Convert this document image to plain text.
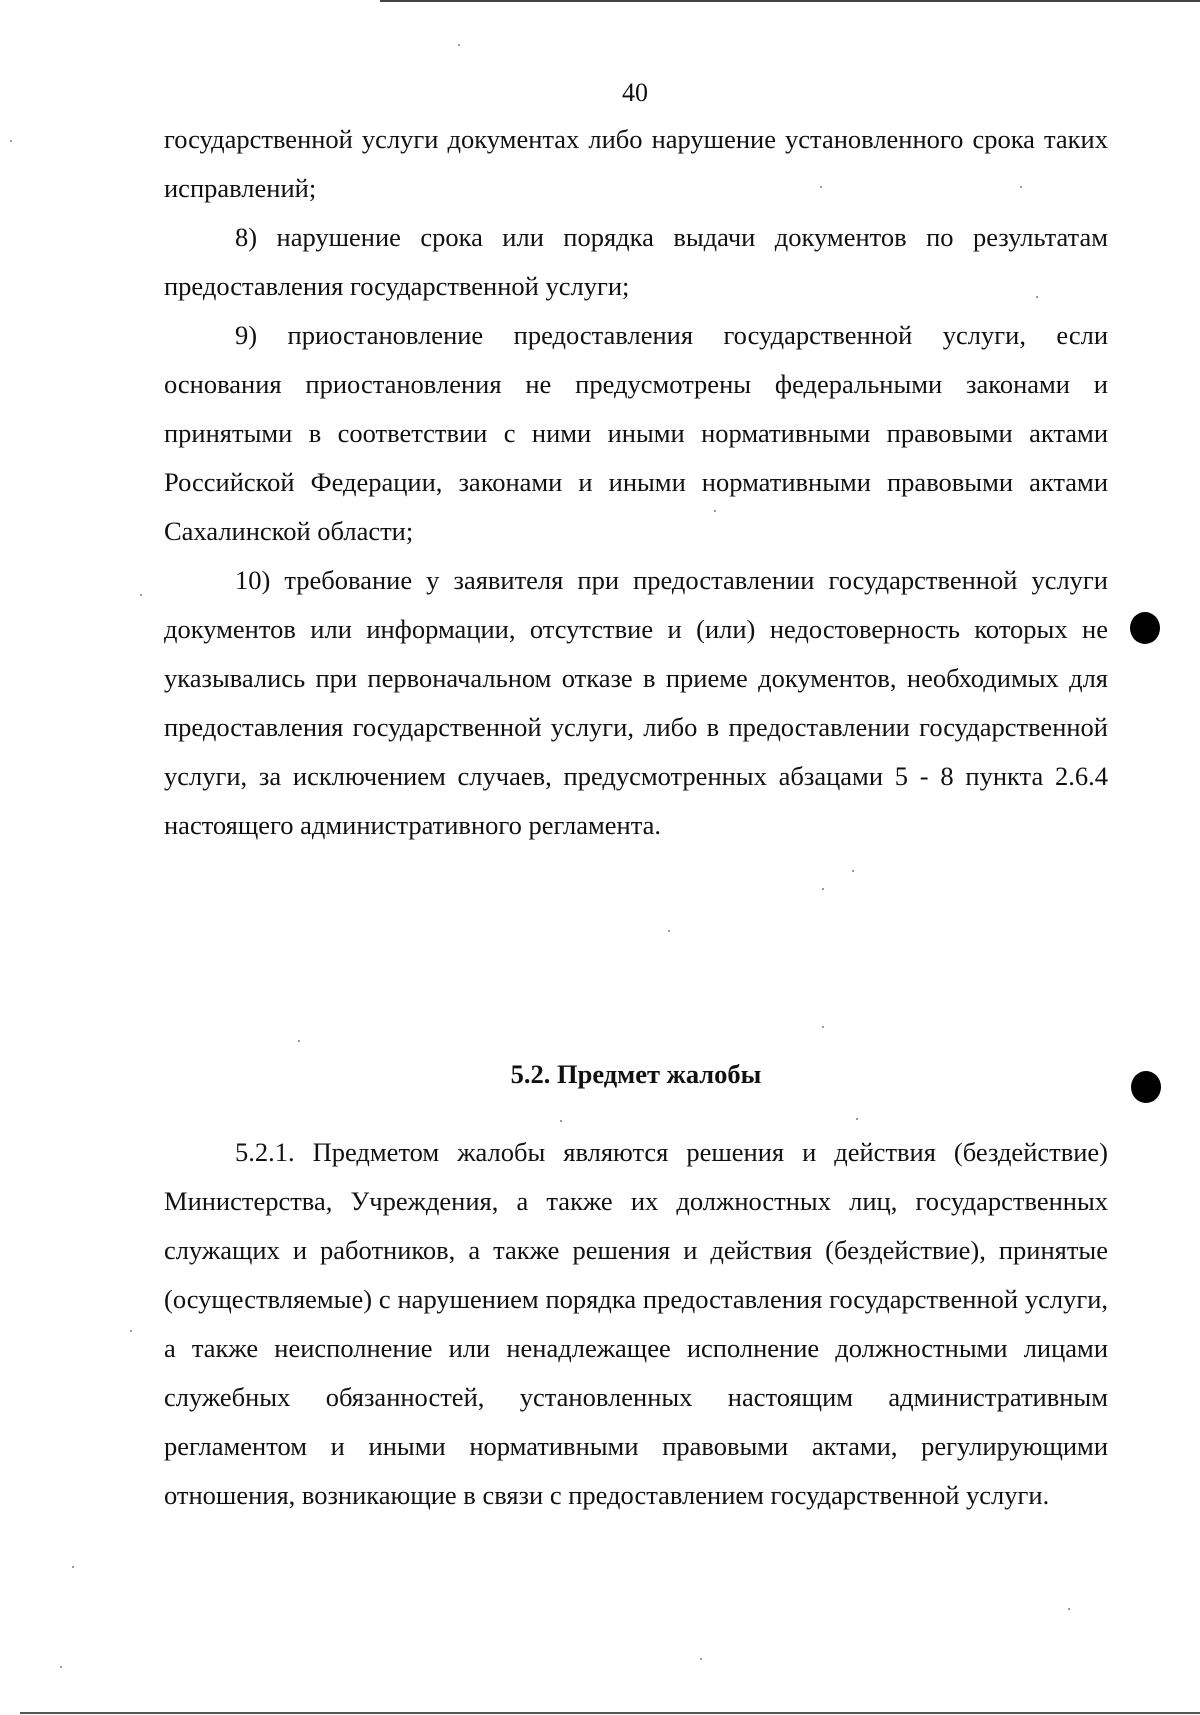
40

государственной услуги документах либо нарушение установленного срока таких исправлений;

8) нарушение срока или порядка выдачи документов по результатам предоставления государственной услуги;

9) приостановление предоставления государственной услуги, если основания приостановления не предусмотрены федеральными законами и принятыми в соответствии с ними иными нормативными правовыми актами Российской Федерации, законами и иными нормативными правовыми актами Сахалинской области;

10) требование у заявителя при предоставлении государственной услуги документов или информации, отсутствие и (или) недостоверность которых не указывались при первоначальном отказе в приеме документов, необходимых для предоставления государственной услуги, либо в предоставлении государственной услуги, за исключением случаев, предусмотренных абзацами 5 - 8 пункта 2.6.4 настоящего административного регламента.

5.2. Предмет жалобы

5.2.1. Предметом жалобы являются решения и действия (бездействие) Министерства, Учреждения, а также их должностных лиц, государственных служащих и работников, а также решения и действия (бездействие), принятые (осуществляемые) с нарушением порядка предоставления государственной услуги, а также неисполнение или ненадлежащее исполнение должностными лицами служебных обязанностей, установленных настоящим административным регламентом и иными нормативными правовыми актами, регулирующими отношения, возникающие в связи с предоставлением государственной услуги.
